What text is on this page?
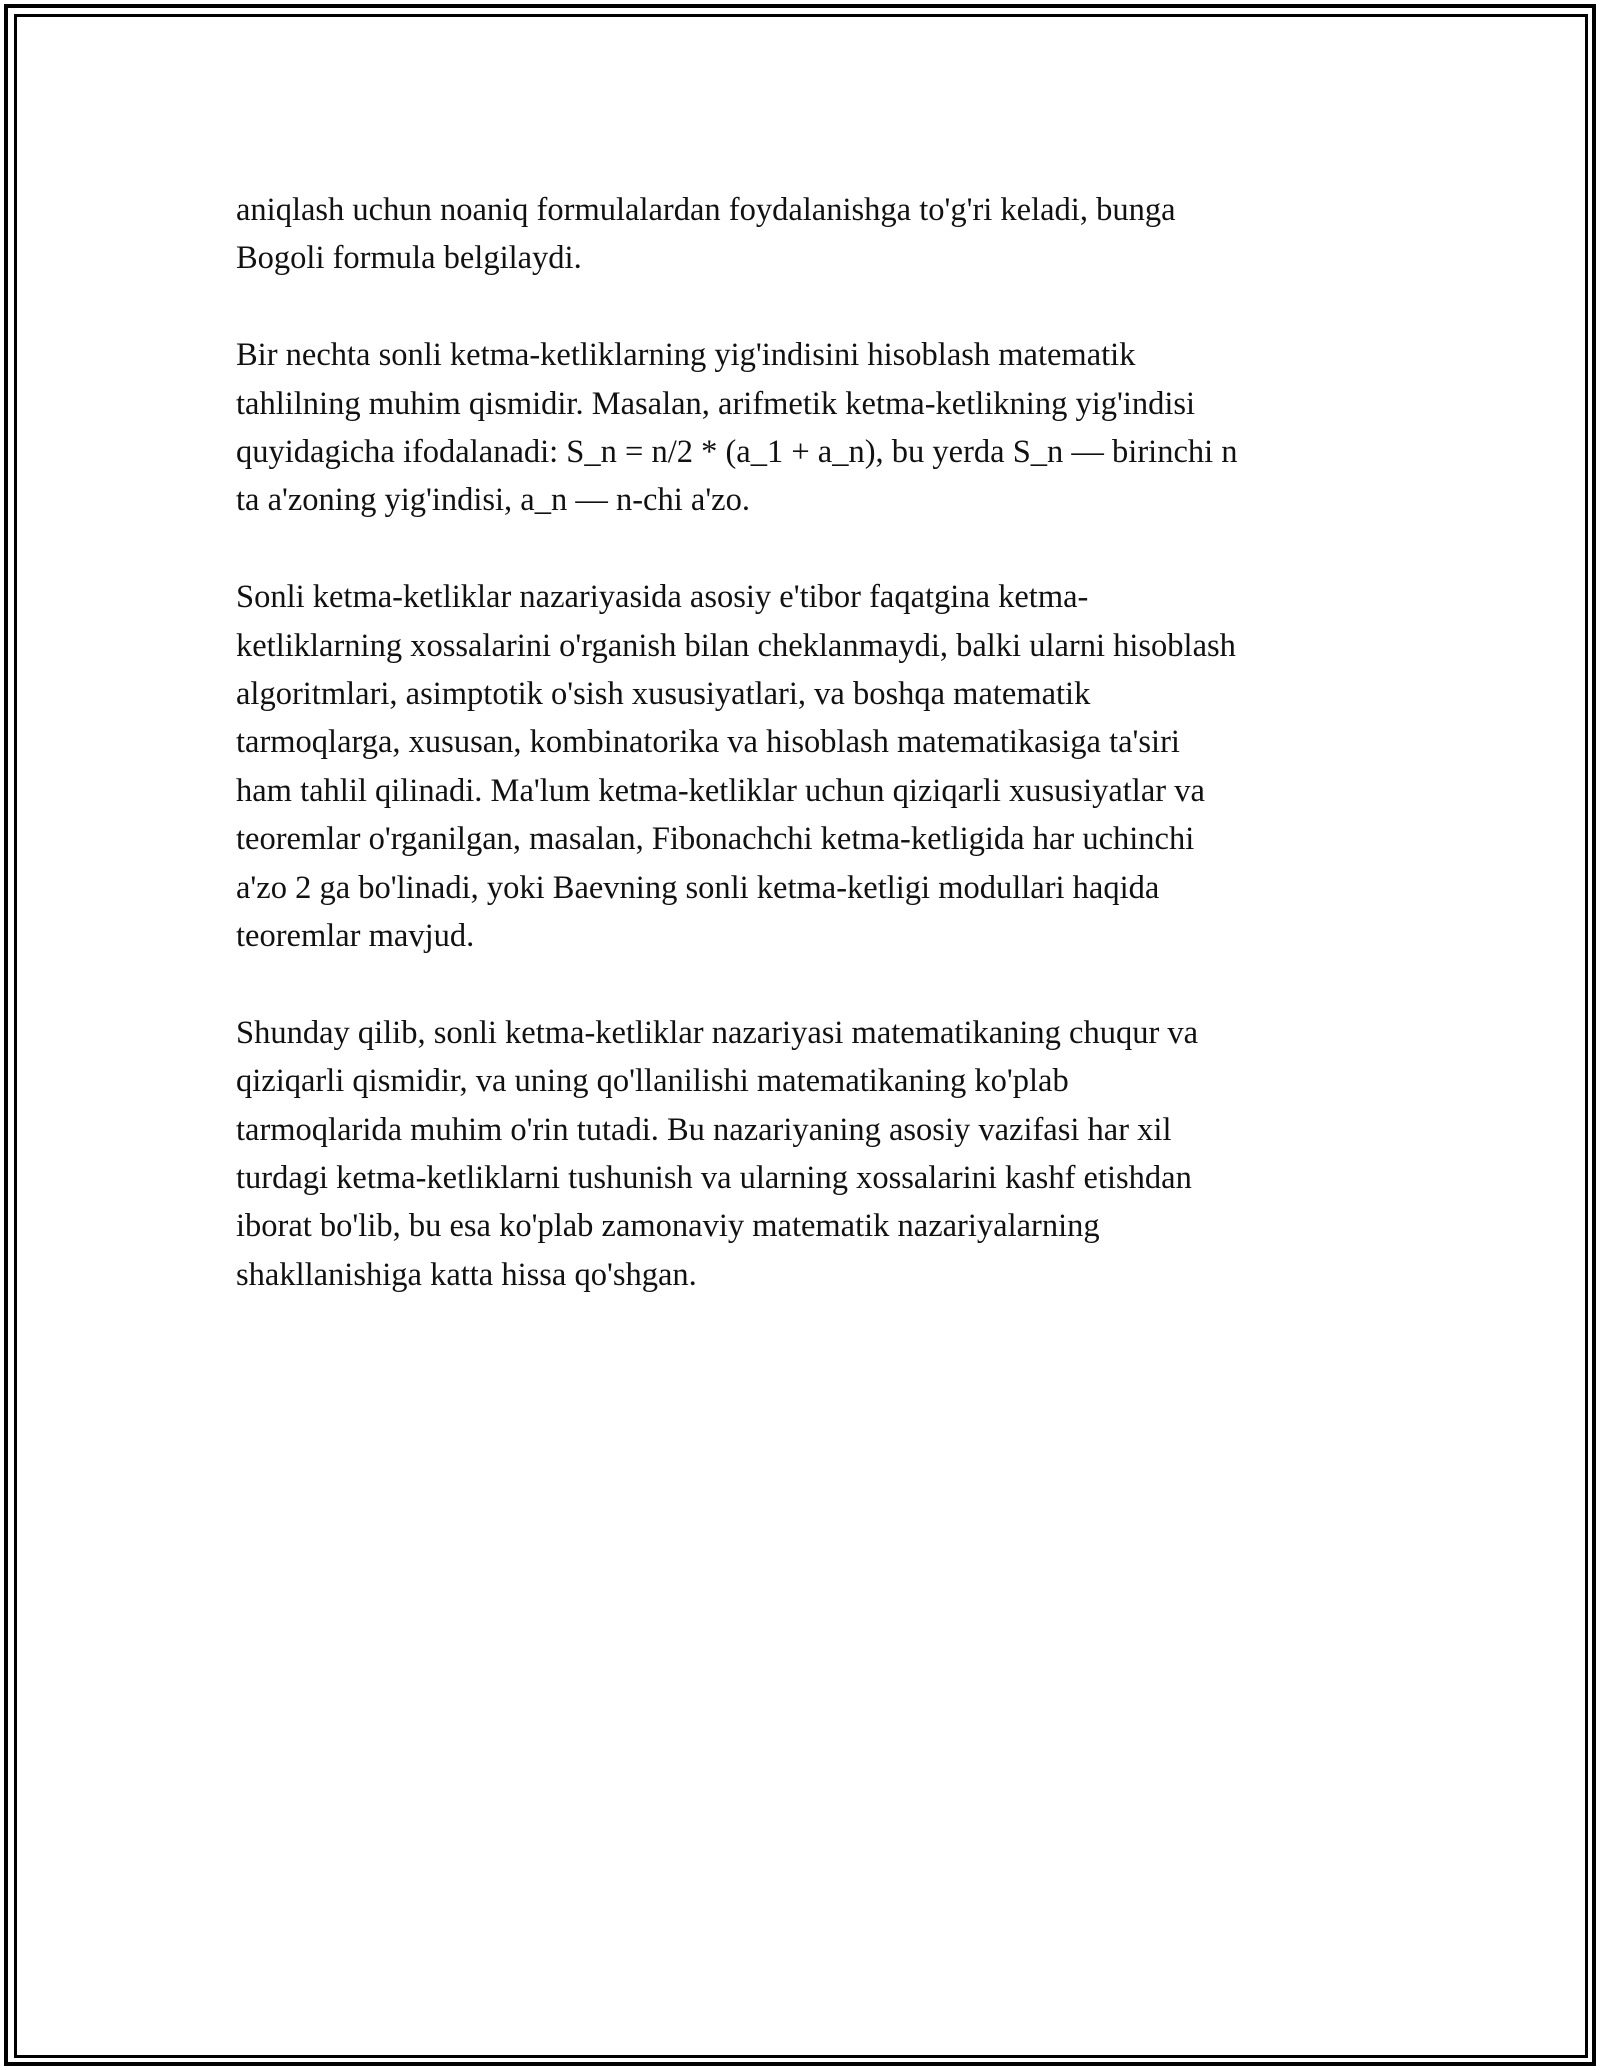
aniqlash uchun noaniq formulalardan foydalanishga to'g'ri keladi, bunga
Bogoli formula belgilaydi.

Bir nechta sonli ketma-ketliklarning yig'indisini hisoblash matematik
tahlilning muhim qismidir. Masalan, arifmetik ketma-ketlikning yig'indisi
quyidagicha ifodalanadi: S_n = n/2 * (a_1 + a_n), bu yerda S_n — birinchi n
ta a'zoning yig'indisi, a_n — n-chi a'zo.

Sonli ketma-ketliklar nazariyasida asosiy e'tibor faqatgina ketma-
ketliklarning xossalarini o'rganish bilan cheklanmaydi, balki ularni hisoblash
algoritmlari, asimptotik o'sish xususiyatlari, va boshqa matematik
tarmoqlarga, xususan, kombinatorika va hisoblash matematikasiga ta'siri
ham tahlil qilinadi. Ma'lum ketma-ketliklar uchun qiziqarli xususiyatlar va
teoremlar o'rganilgan, masalan, Fibonachchi ketma-ketligida har uchinchi
a'zo 2 ga bo'linadi, yoki Baevning sonli ketma-ketligi modullari haqida
teoremlar mavjud.

Shunday qilib, sonli ketma-ketliklar nazariyasi matematikaning chuqur va
qiziqarli qismidir, va uning qo'llanilishi matematikaning ko'plab
tarmoqlarida muhim o'rin tutadi. Bu nazariyaning asosiy vazifasi har xil
turdagi ketma-ketliklarni tushunish va ularning xossalarini kashf etishdan
iborat bo'lib, bu esa ko'plab zamonaviy matematik nazariyalarning
shakllanishiga katta hissa qo'shgan.
